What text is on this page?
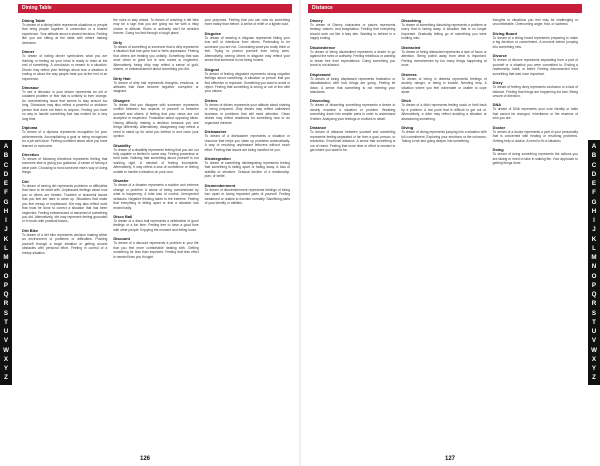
Dining Table
Dining Table

To dream of a dining table represents situations or people that bring people together. A connection or a shared experience. Your attitude about a shared decision. Feeling like you are sitting at the table with others making decisions.

Dinner

To dream of eating dinner symbolizes what you are thinking or feeling as your mind is ready to relax at the end of something. A conclusion or reward to a situation. Dinner may reflect your feelings about how a situation is ending or about the way people treat you at the end of an experience.

Dinosaur

To see a dinosaur in your dream represents an old or outdated problem or fear that is unlikely to ever change. An overwhelming issue that seems to stay around too long. Dinosaurs may also reflect a powerful or stubborn person that does not listen to anyone. Feeling you have no way to handle something that has existed for a very long time.

Diploma

To dream of a diploma represents recognition for your achievements. Accomplishing a goal or being recognized for a job well done. Feeling confident about what you have learned or overcome.

Direction

To dream of following directions represents feeling that someone else is giving you guidance. A sense of having a clear path. Choosing to trust someone else's way of doing things.

Dirt

To dream of seeing dirt represents problems or difficulties that have to be dealt with. Unpleasant feelings about how you or others are treated. Troubles or shameful issues that you feel are hard to clean up. Situations that make you feel messy or unpleasant. Dirt may also reflect work that must be done to correct a situation that has been neglected. Feeling embarrassed or ashamed of something you did. Alternatively, dirt may represent feeling grounded or in touch with practical basics.

Dirt Bike

To dream of a dirt bike represents decision making within an environment of problems or difficulties. Pushing yourself through a tough situation or getting around obstacles with personal effort. Feeling in control of a messy situation.

the rules to stay ahead. To dream of crashing a dirt bike may be a sign that you are going too far with a risky choice or attitude. Rules or authority can't be avoided forever. Going too fast through a tough place.

Dirty

To dream of something or someone that is dirty represents a situation that has gone bad or feels unpleasant. Feeling that others are treating you unfairly. Something that was once clean or good but is now ruined or neglected. Alternatively, being dirty may reflect a sense of guilt, shame, or embarrassment about something you did.

Dirty Hair

To dream of dirty hair represents thoughts, emotions, or attitudes that have become negative, corrupted, or stagnant.

Disagree

To dream that you disagree with someone represents conflict between two aspects of yourself or between yourself and others. A feeling that your views are not accepted or respected. Frustration about opposing ideas. Having difficulty making a decision because you see things differently. Alternatively, disagreeing may reflect a need to stand up for what you believe in and voice your opinion.

Disability

To dream of a disability represents feeling that you are not fully capable or limited in some way. Feeling powerless or held back. Noticing that something about yourself is not working right. A mindset of feeling incomplete. Alternatively, it may reflect a loss of confidence or feeling unable to handle a situation on your own.

Disaster

To dream of a disaster represents a sudden and extreme change or problem. A sense of being overwhelmed by what is happening. A total loss of control. Unexpected setbacks. Negative thinking taken to the extreme. Feeling that everything is falling apart or that a situation has ended badly.

Disco Ball

To dream of a disco ball represents a celebration of good feelings or a fun time. Feeling free to have a good time with other people. Enjoying the moment and letting loose.

Discount

To dream of a discount represents a problem in your life that you feel more comfortable dealing with. Getting something for less than expected. Feeling that less effort is needed than you thought.

your purposes. Feeling that you can now do something more easily than before. A sense of relief or a lighter load.

Disguise

To dream of wearing a disguise represents hiding your true self or intentions from others. Pretending to be someone you are not. Concealing what you really think or feel. Trying to protect yourself from being seen. Alternatively, seeing others in disguise may reflect your sense that someone is not being honest.

Disgust

To dream of feeling disgusted represents strong negative feelings about something. A situation or person that you find offensive or repulsive. Something you want to avoid or reject. Feeling that something is wrong or out of line with your values.

Dishes

To dream of dishes represents your attitude about sharing or being prepared. Dirty dishes may reflect unfinished business or problems that still need attention. Clean dishes may reflect readiness for something new or an organized mindset.

Dishwasher

To dream of a dishwasher represents a situation or resource that helps you clean up problems automatically. A way of resolving unpleasant leftovers without much effort. Feeling that issues are being handled for you.

Disintegration

To dream of something disintegrating represents feeling that something is falling apart or fading away. A loss of stability or structure. Gradual decline of a relationship, plan, or belief.

Dismemberment

To dream of dismemberment represents feelings of being torn apart or losing important parts of yourself. Feeling weakened or unable to function normally. Sacrificing parts of your identity or abilities.

A
B
C
D
E
F
G
H
I
J
K
L
M
N
O
P
Q
R
S
T
U
V
W
X
Y
Z
126
Distance
Disney

To dream of Disney characters or places represents fantasy, wishes, and imagination. Feeling that everything should work out like a fairy tale. Wanting to believe in a happy ending.

Disobedience

To dream of being disobedient represents a desire to go against the rules or authority. Feeling rebellious or wanting to break free from expectations. Doing something you know is not allowed.

Displeased

To dream of being displeased represents frustration or dissatisfaction with how things are going. Feeling let down. A sense that something is not meeting your standards.

Dissecting

To dream of dissecting something represents a desire to closely examine a situation or problem. Breaking something down into smaller parts in order to understand it better. Analyzing your feelings or motives in detail.

Distance

To dream of distance between yourself and something represents feeling separated or far from a goal, person, or resolution. Emotional distance. A sense that something is out of reach. Feeling that more time or effort is needed to get where you want to be.

Dissolving

To dream of something dissolving represents a problem or worry that is fading away. A situation that is no longer important. Gradually letting go of something you were holding onto.

Distracted

To dream of being distracted represents a lack of focus or attention. Being pulled away from what is important. Feeling overwhelmed by too many things happening at once.

Distress

To dream of being in distress represents feelings of anxiety, danger, or being in trouble. Needing help. A situation where you feel vulnerable or unable to cope alone.

Ditch

To dream of a ditch represents feeling stuck or held back by a problem. A low point that is difficult to get out of. Alternatively, a ditch may reflect avoiding a situation or abandoning something.

Diving

To dream of diving represents jumping into a situation with full commitment. Exploring your emotions or the unknown. Taking a risk and going deeper into something.

thoughts or situations you feel may be challenging or uncomfortable. Overcoming anger, fear, or sadness.

Diving Board

To dream of a diving board represents preparing to make a big decision or commitment. A moment before jumping into something new.

Divorce

To dream of divorce represents separating from a part of yourself or a situation you were committed to. Ending a relationship, habit, or belief. Feeling disconnected from something that was once important.

Dizzy

To dream of feeling dizzy represents confusion or a lack of balance. Feeling that things are happening too fast. Being unsure of direction.

DNA

To dream of DNA represents your core identity or traits that cannot be changed. Inheritance or the essence of who you are.

Doctor

To dream of a doctor represents a part of your personality that is concerned with healing or resolving problems. Getting help or advice. A need to fix a situation.

Doing

To dream of doing something represents the actions you are taking or need to take in waking life. Your approach to getting things done.

A
B
C
D
E
F
G
H
I
J
K
L
M
N
O
P
Q
R
S
T
U
V
W
X
Y
Z
127
